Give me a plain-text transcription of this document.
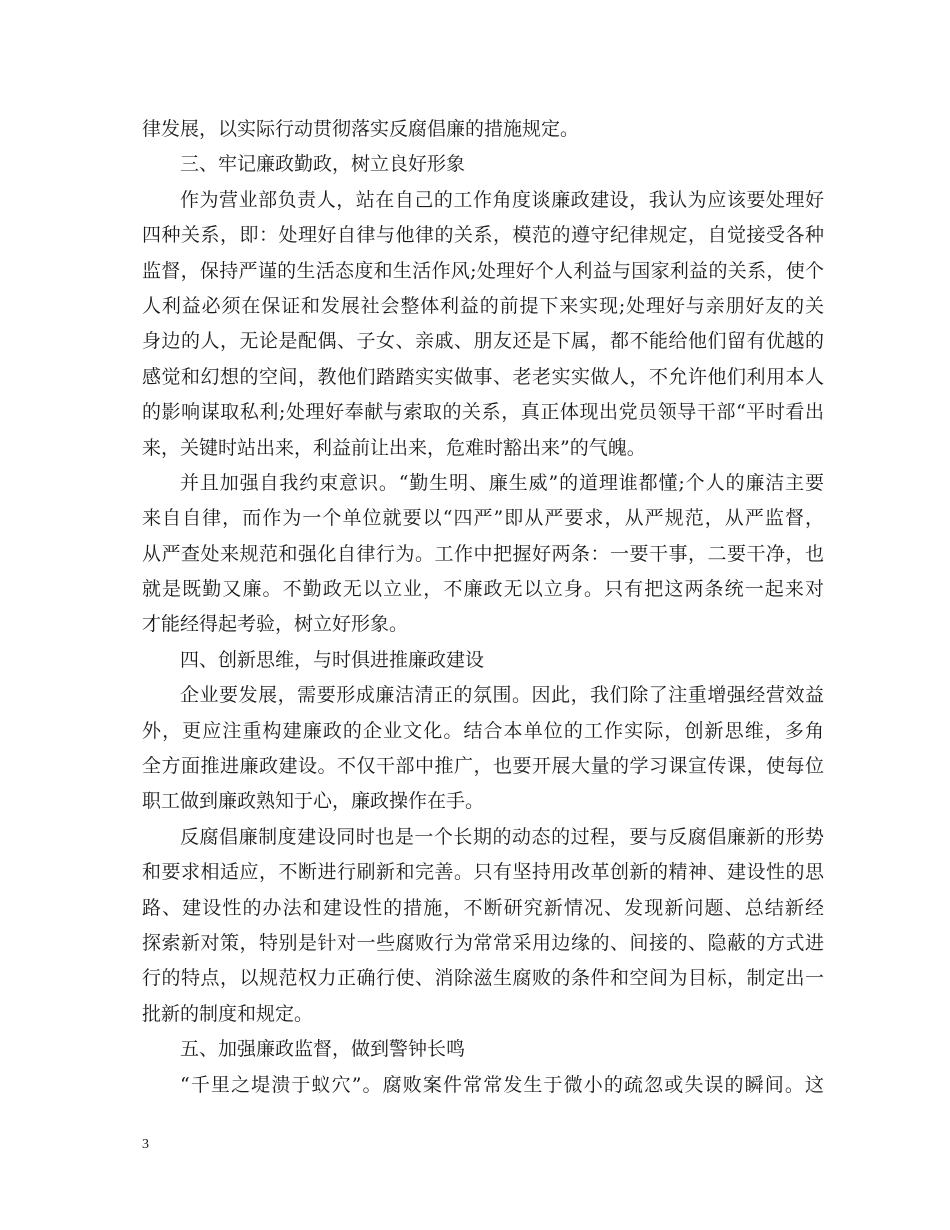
律发展，以实际行动贯彻落实反腐倡廉的措施规定。
三、牢记廉政勤政，树立良好形象
作为营业部负责人，站在自己的工作角度谈廉政建设，我认为应该要处理好
四种关系，即：处理好自律与他律的关系，模范的遵守纪律规定，自觉接受各种
监督，保持严谨的生活态度和生活作风;处理好个人利益与国家利益的关系，使个
人利益必须在保证和发展社会整体利益的前提下来实现;处理好与亲朋好友的关
身边的人，无论是配偶、子女、亲戚、朋友还是下属，都不能给他们留有优越的
感觉和幻想的空间，教他们踏踏实实做事、老老实实做人，不允许他们利用本人
的影响谋取私利;处理好奉献与索取的关系，真正体现出党员领导干部“平时看出
来，关键时站出来，利益前让出来，危难时豁出来”的气魄。
并且加强自我约束意识。“勤生明、廉生威”的道理谁都懂;个人的廉洁主要
来自自律，而作为一个单位就要以“四严”即从严要求，从严规范，从严监督，
从严查处来规范和强化自律行为。工作中把握好两条：一要干事，二要干净，也
就是既勤又廉。不勤政无以立业，不廉政无以立身。只有把这两条统一起来对
才能经得起考验，树立好形象。
四、创新思维，与时俱进推廉政建设
企业要发展，需要形成廉洁清正的氛围。因此，我们除了注重增强经营效益
外，更应注重构建廉政的企业文化。结合本单位的工作实际，创新思维，多角
全方面推进廉政建设。不仅干部中推广，也要开展大量的学习课宣传课，使每位
职工做到廉政熟知于心，廉政操作在手。
反腐倡廉制度建设同时也是一个长期的动态的过程，要与反腐倡廉新的形势
和要求相适应，不断进行刷新和完善。只有坚持用改革创新的精神、建设性的思
路、建设性的办法和建设性的措施，不断研究新情况、发现新问题、总结新经
探索新对策，特别是针对一些腐败行为常常采用边缘的、间接的、隐蔽的方式进
行的特点，以规范权力正确行使、消除滋生腐败的条件和空间为目标，制定出一
批新的制度和规定。
五、加强廉政监督，做到警钟长鸣
“千里之堤溃于蚁穴”。腐败案件常常发生于微小的疏忽或失误的瞬间。这
3
